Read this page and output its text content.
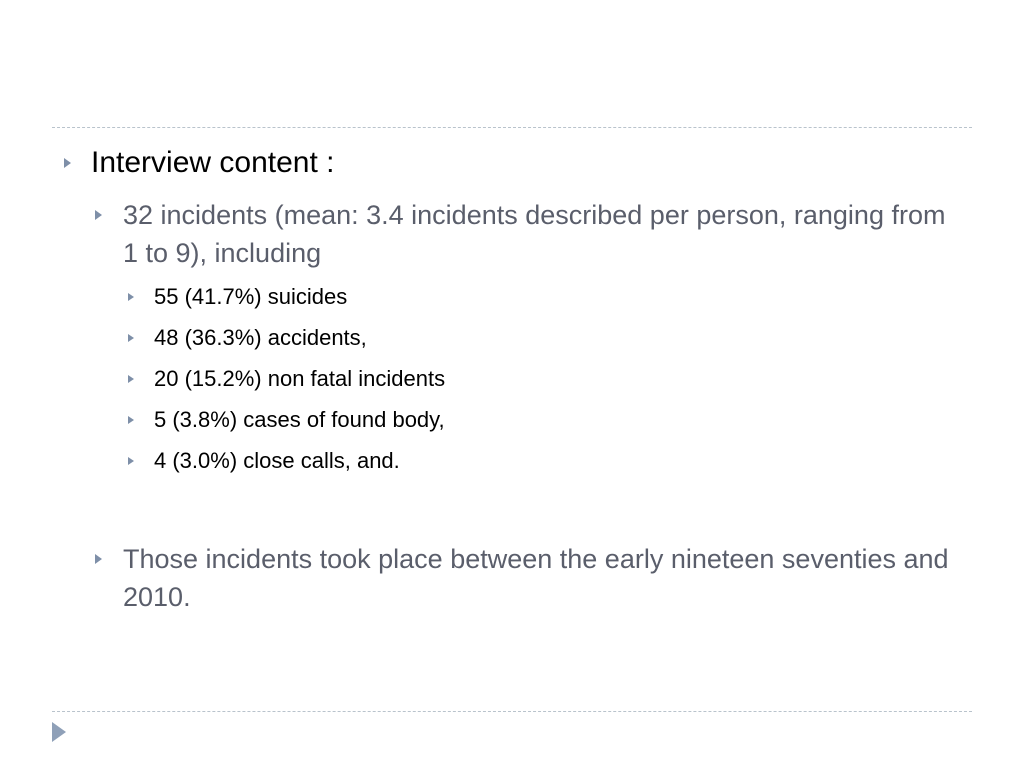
Interview content :
32 incidents (mean: 3.4 incidents described per person, ranging from 1 to 9), including
55 (41.7%) suicides
48 (36.3%) accidents,
20 (15.2%) non fatal incidents
5 (3.8%) cases of found body,
4 (3.0%) close calls, and.
Those incidents took place between the early nineteen seventies and 2010.
